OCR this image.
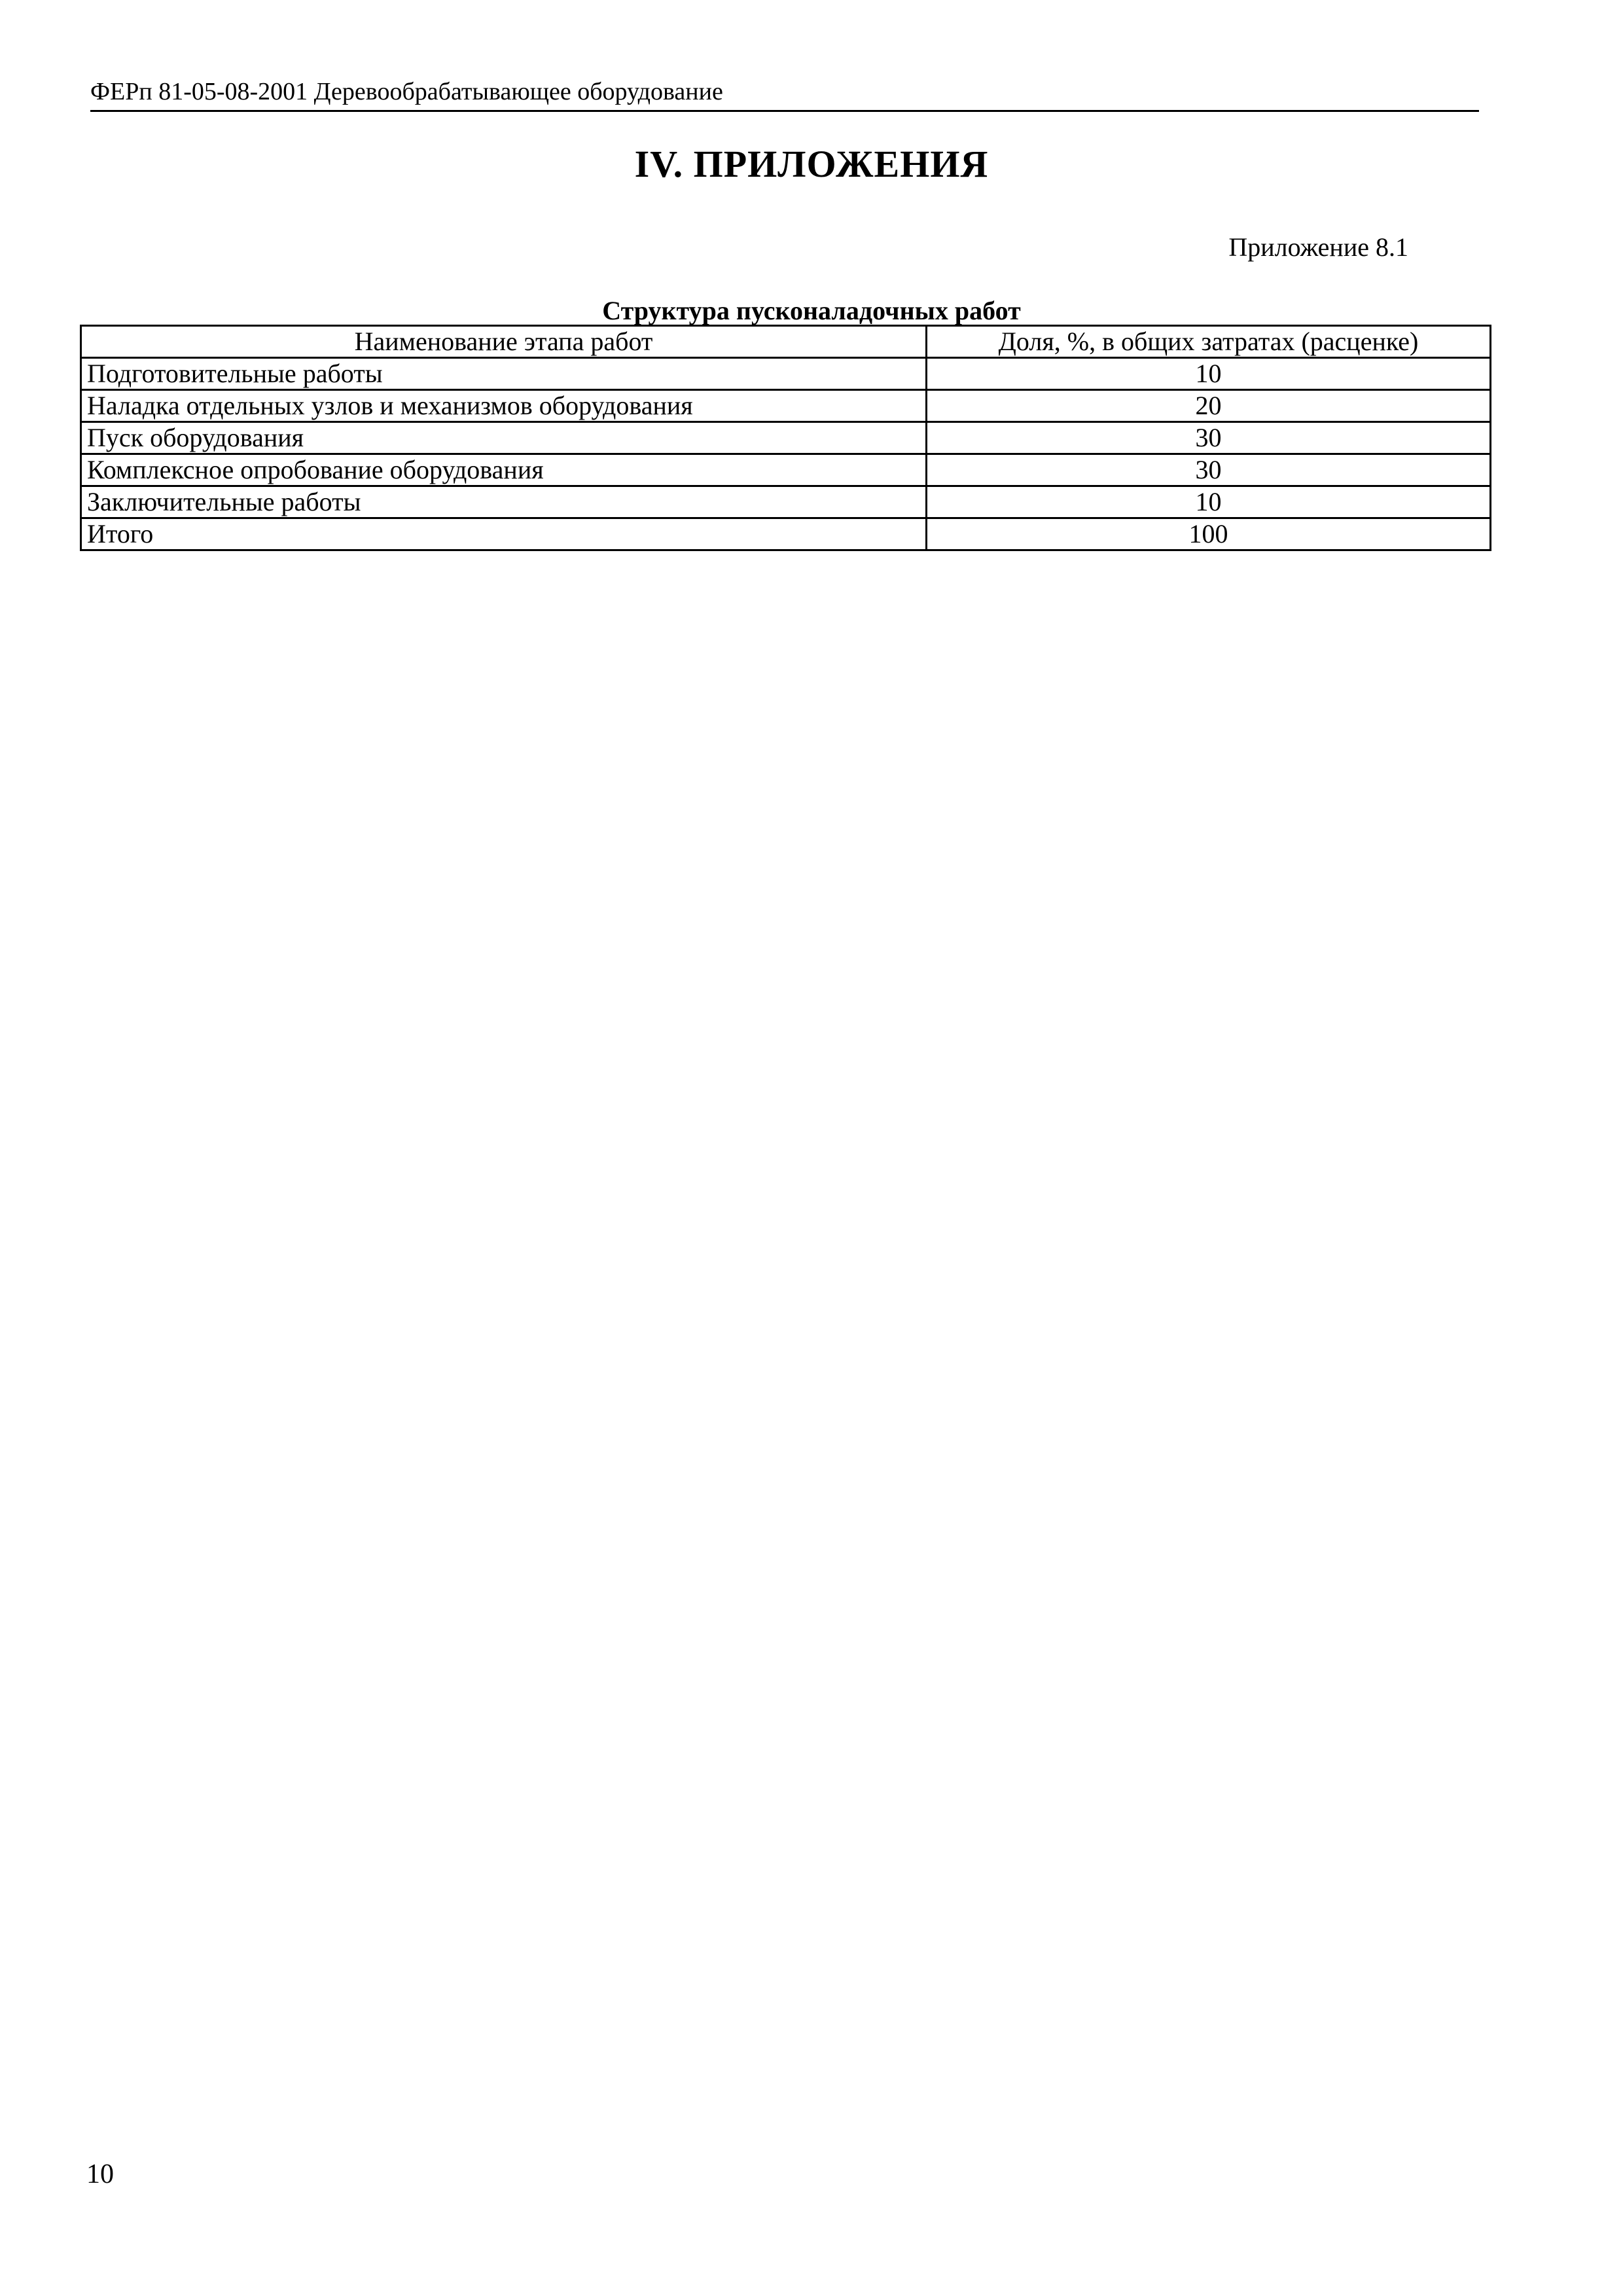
ФЕРп 81-05-08-2001 Деревообрабатывающее оборудование
IV. ПРИЛОЖЕНИЯ
Приложение 8.1
Структура пусконаладочных работ
Наименование этапа работ	Доля, %, в общих затратах (расценке)
Подготовительные работы	10
Наладка отдельных узлов и механизмов оборудования	20
Пуск оборудования	30
Комплексное опробование оборудования	30
Заключительные работы	10
Итого	100
10
